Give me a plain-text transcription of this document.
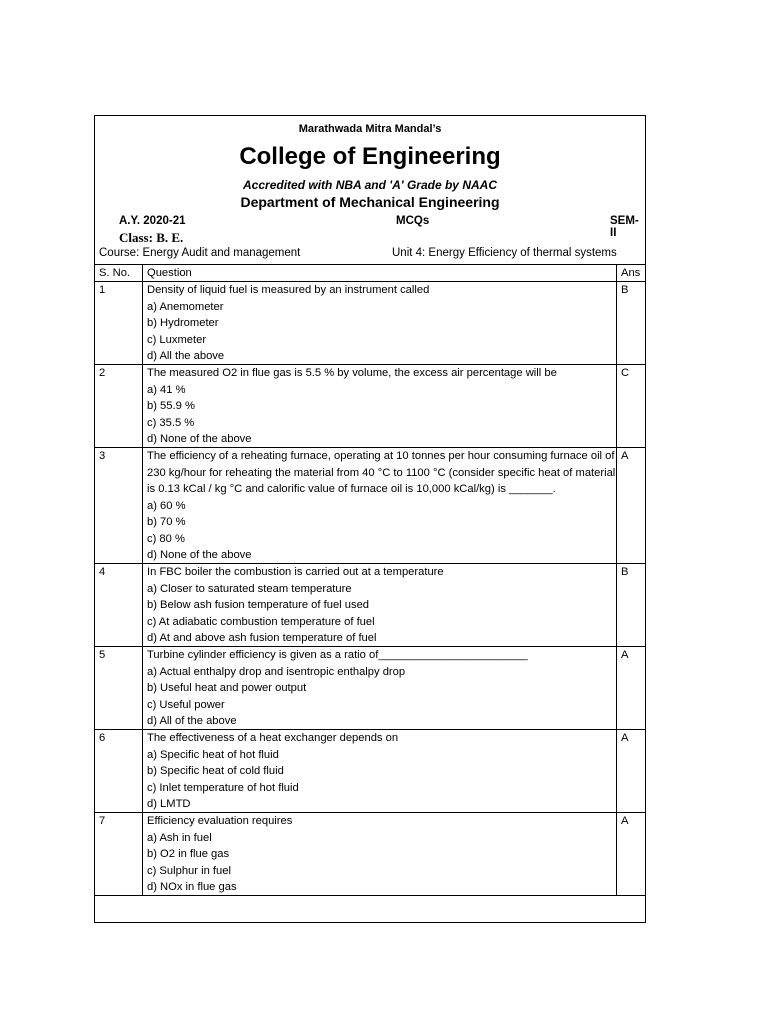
Marathwada Mitra Mandal’s
College of Engineering
Accredited with NBA and 'A' Grade by NAAC
Department of Mechanical Engineering
A.Y. 2020-21	MCQs	SEM-II
Class: B. E.
Course: Energy Audit and management	Unit 4: Energy Efficiency of thermal systems
S. No.	Question	Ans
1	Density of liquid fuel is measured by an instrument called
a) Anemometer
b) Hydrometer
c) Luxmeter
d) All the above	B
2	The measured O2 in flue gas is 5.5 % by volume, the excess air percentage will be
a) 41 %
b) 55.9 %
c) 35.5 %
d) None of the above	C
3	The efficiency of a reheating furnace, operating at 10 tonnes per hour consuming furnace oil of 230 kg/hour for reheating the material from 40 °C to 1100 °C (consider specific heat of material is 0.13 kCal / kg °C and calorific value of furnace oil is 10,000 kCal/kg) is _______.
a) 60 %
b) 70 %
c) 80 %
d) None of the above	A
4	In FBC boiler the combustion is carried out at a temperature
a) Closer to saturated steam temperature
b) Below ash fusion temperature of fuel used
c) At adiabatic combustion temperature of fuel
d) At and above ash fusion temperature of fuel	B
5	Turbine cylinder efficiency is given as a ratio of________________________
a) Actual enthalpy drop and isentropic enthalpy drop
b) Useful heat and power output
c) Useful power
d) All of the above	A
6	The effectiveness of a heat exchanger depends on
a) Specific heat of hot fluid
b) Specific heat of cold fluid
c) Inlet temperature of hot fluid
d) LMTD	A
7	Efficiency evaluation requires
a) Ash in fuel
b) O2 in flue gas
c) Sulphur in fuel
d) NOx in flue gas	A
